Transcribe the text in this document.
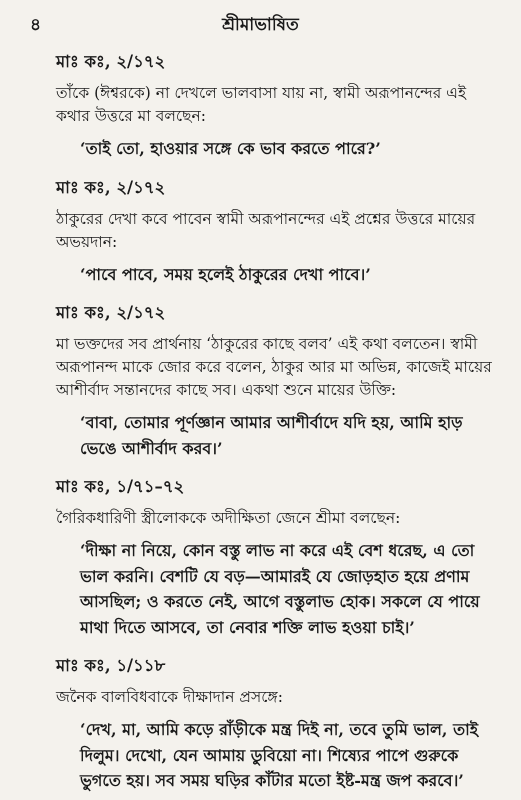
৪	শ্রীমাভাষিত
মাঃ কঃ, ২/১৭২
তাঁকে (ঈশ্বরকে) না দেখলে ভালবাসা যায় না, স্বামী অরূপানন্দের এই কথার উত্তরে মা বলছেন:
‘তাই তো, হাওয়ার সঙ্গে কে ভাব করতে পারে?’
মাঃ কঃ, ২/১৭২
ঠাকুরের দেখা কবে পাবেন স্বামী অরূপানন্দের এই প্রশ্নের উত্তরে মায়ের অভয়দান:
‘পাবে পাবে, সময় হলেই ঠাকুরের দেখা পাবে।’
মাঃ কঃ, ২/১৭২
মা ভক্তদের সব প্রার্থনায় ‘ঠাকুরের কাছে বলব’ এই কথা বলতেন। স্বামী অরূপানন্দ মাকে জোর করে বলেন, ঠাকুর আর মা অভিন্ন, কাজেই মায়ের আশীর্বাদ সন্তানদের কাছে সব। একথা শুনে মায়ের উক্তি:
‘বাবা, তোমার পূর্ণজ্ঞান আমার আশীর্বাদে যদি হয়, আমি হাড় ভেঙে আশীর্বাদ করব।’
মাঃ কঃ, ১/৭১–৭২
গৈরিকধারিণী স্ত্রীলোককে অদীক্ষিতা জেনে শ্রীমা বলছেন:
‘দীক্ষা না নিয়ে, কোন বস্তু লাভ না করে এই বেশ ধরেছ, এ তো ভাল করনি। বেশটি যে বড়—আমারই যে জোড়হাত হয়ে প্রণাম আসছিল; ও করতে নেই, আগে বস্তুলাভ হোক। সকলে যে পায়ে মাথা দিতে আসবে, তা নেবার শক্তি লাভ হওয়া চাই।’
মাঃ কঃ, ১/১১৮
জনৈক বালবিধবাকে দীক্ষাদান প্রসঙ্গে:
‘দেখ, মা, আমি কড়ে রাঁড়ীকে মন্ত্র দিই না, তবে তুমি ভাল, তাই দিলুম। দেখো, যেন আমায় ডুবিয়ো না। শিষ্যের পাপে গুরুকে ভুগতে হয়। সব সময় ঘড়ির কাঁটার মতো ইষ্ট-মন্ত্র জপ করবে।’
